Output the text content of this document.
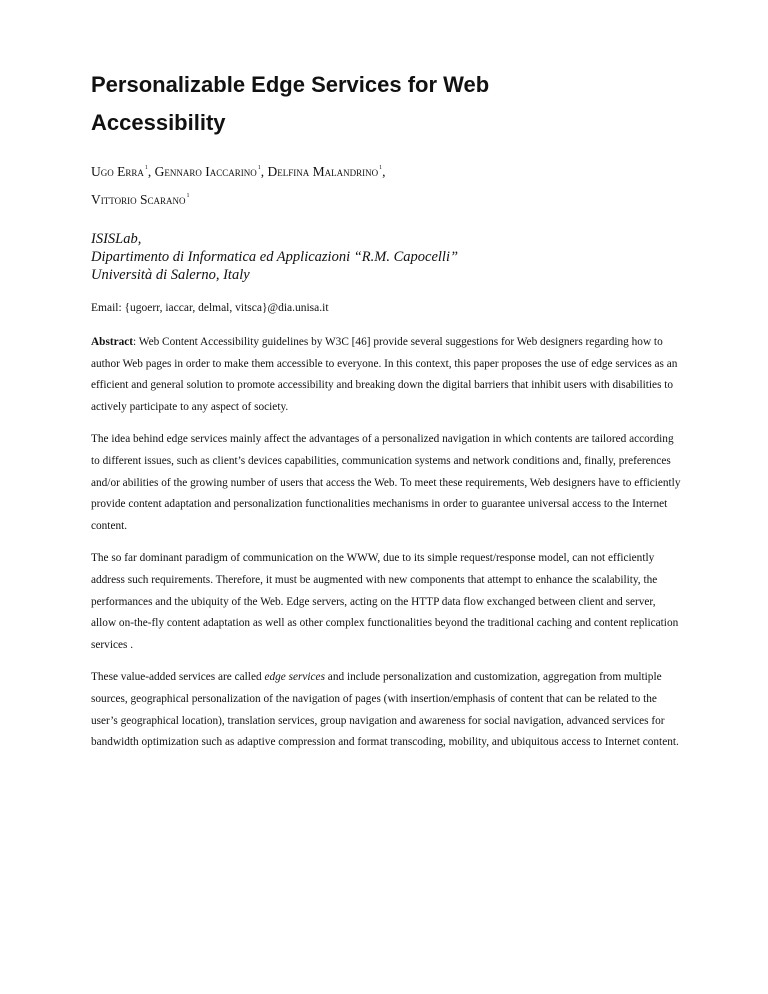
Personalizable Edge Services for Web Accessibility
Ugo Erra$^1$, Gennaro Iaccarino$^1$, Delfina Malandrino$^1$,
Vittorio Scarano$^1$
ISISLab,
Dipartimento di Informatica ed Applicazioni “R.M. Capocelli”
Università di Salerno, Italy
Email: {ugoerr, iaccar, delmal, vitsca}@dia.unisa.it

Abstract: Web Content Accessibility guidelines by W3C [46] provide several suggestions for Web designers regarding how to author Web pages in order to make them accessible to everyone. In this context, this paper proposes the use of edge services as an efficient and general solution to promote accessibility and breaking down the digital barriers that inhibit users with disabilities to actively participate to any aspect of society.

The idea behind edge services mainly affect the advantages of a personalized navigation in which contents are tailored according to different issues, such as client’s devices capabilities, communication systems and network conditions and, finally, preferences and/or abilities of the growing number of users that access the Web. To meet these requirements, Web designers have to efficiently provide content adaptation and personalization functionalities mechanisms in order to guarantee universal access to the Internet content.

The so far dominant paradigm of communication on the WWW, due to its simple request/response model, can not efficiently address such requirements. Therefore, it must be augmented with new components that attempt to enhance the scalability, the performances and the ubiquity of the Web. Edge servers, acting on the HTTP data flow exchanged between client and server, allow on-the-fly content adaptation as well as other complex functionalities beyond the traditional caching and content replication services .

These value-added services are called edge services and include personalization and customization, aggregation from multiple sources, geographical personalization of the navigation of pages (with insertion/emphasis of content that can be related to the user’s geographical location), translation services, group navigation and awareness for social navigation, advanced services for bandwidth optimization such as adaptive compression and format transcoding, mobility, and ubiquitous access to Internet content.
